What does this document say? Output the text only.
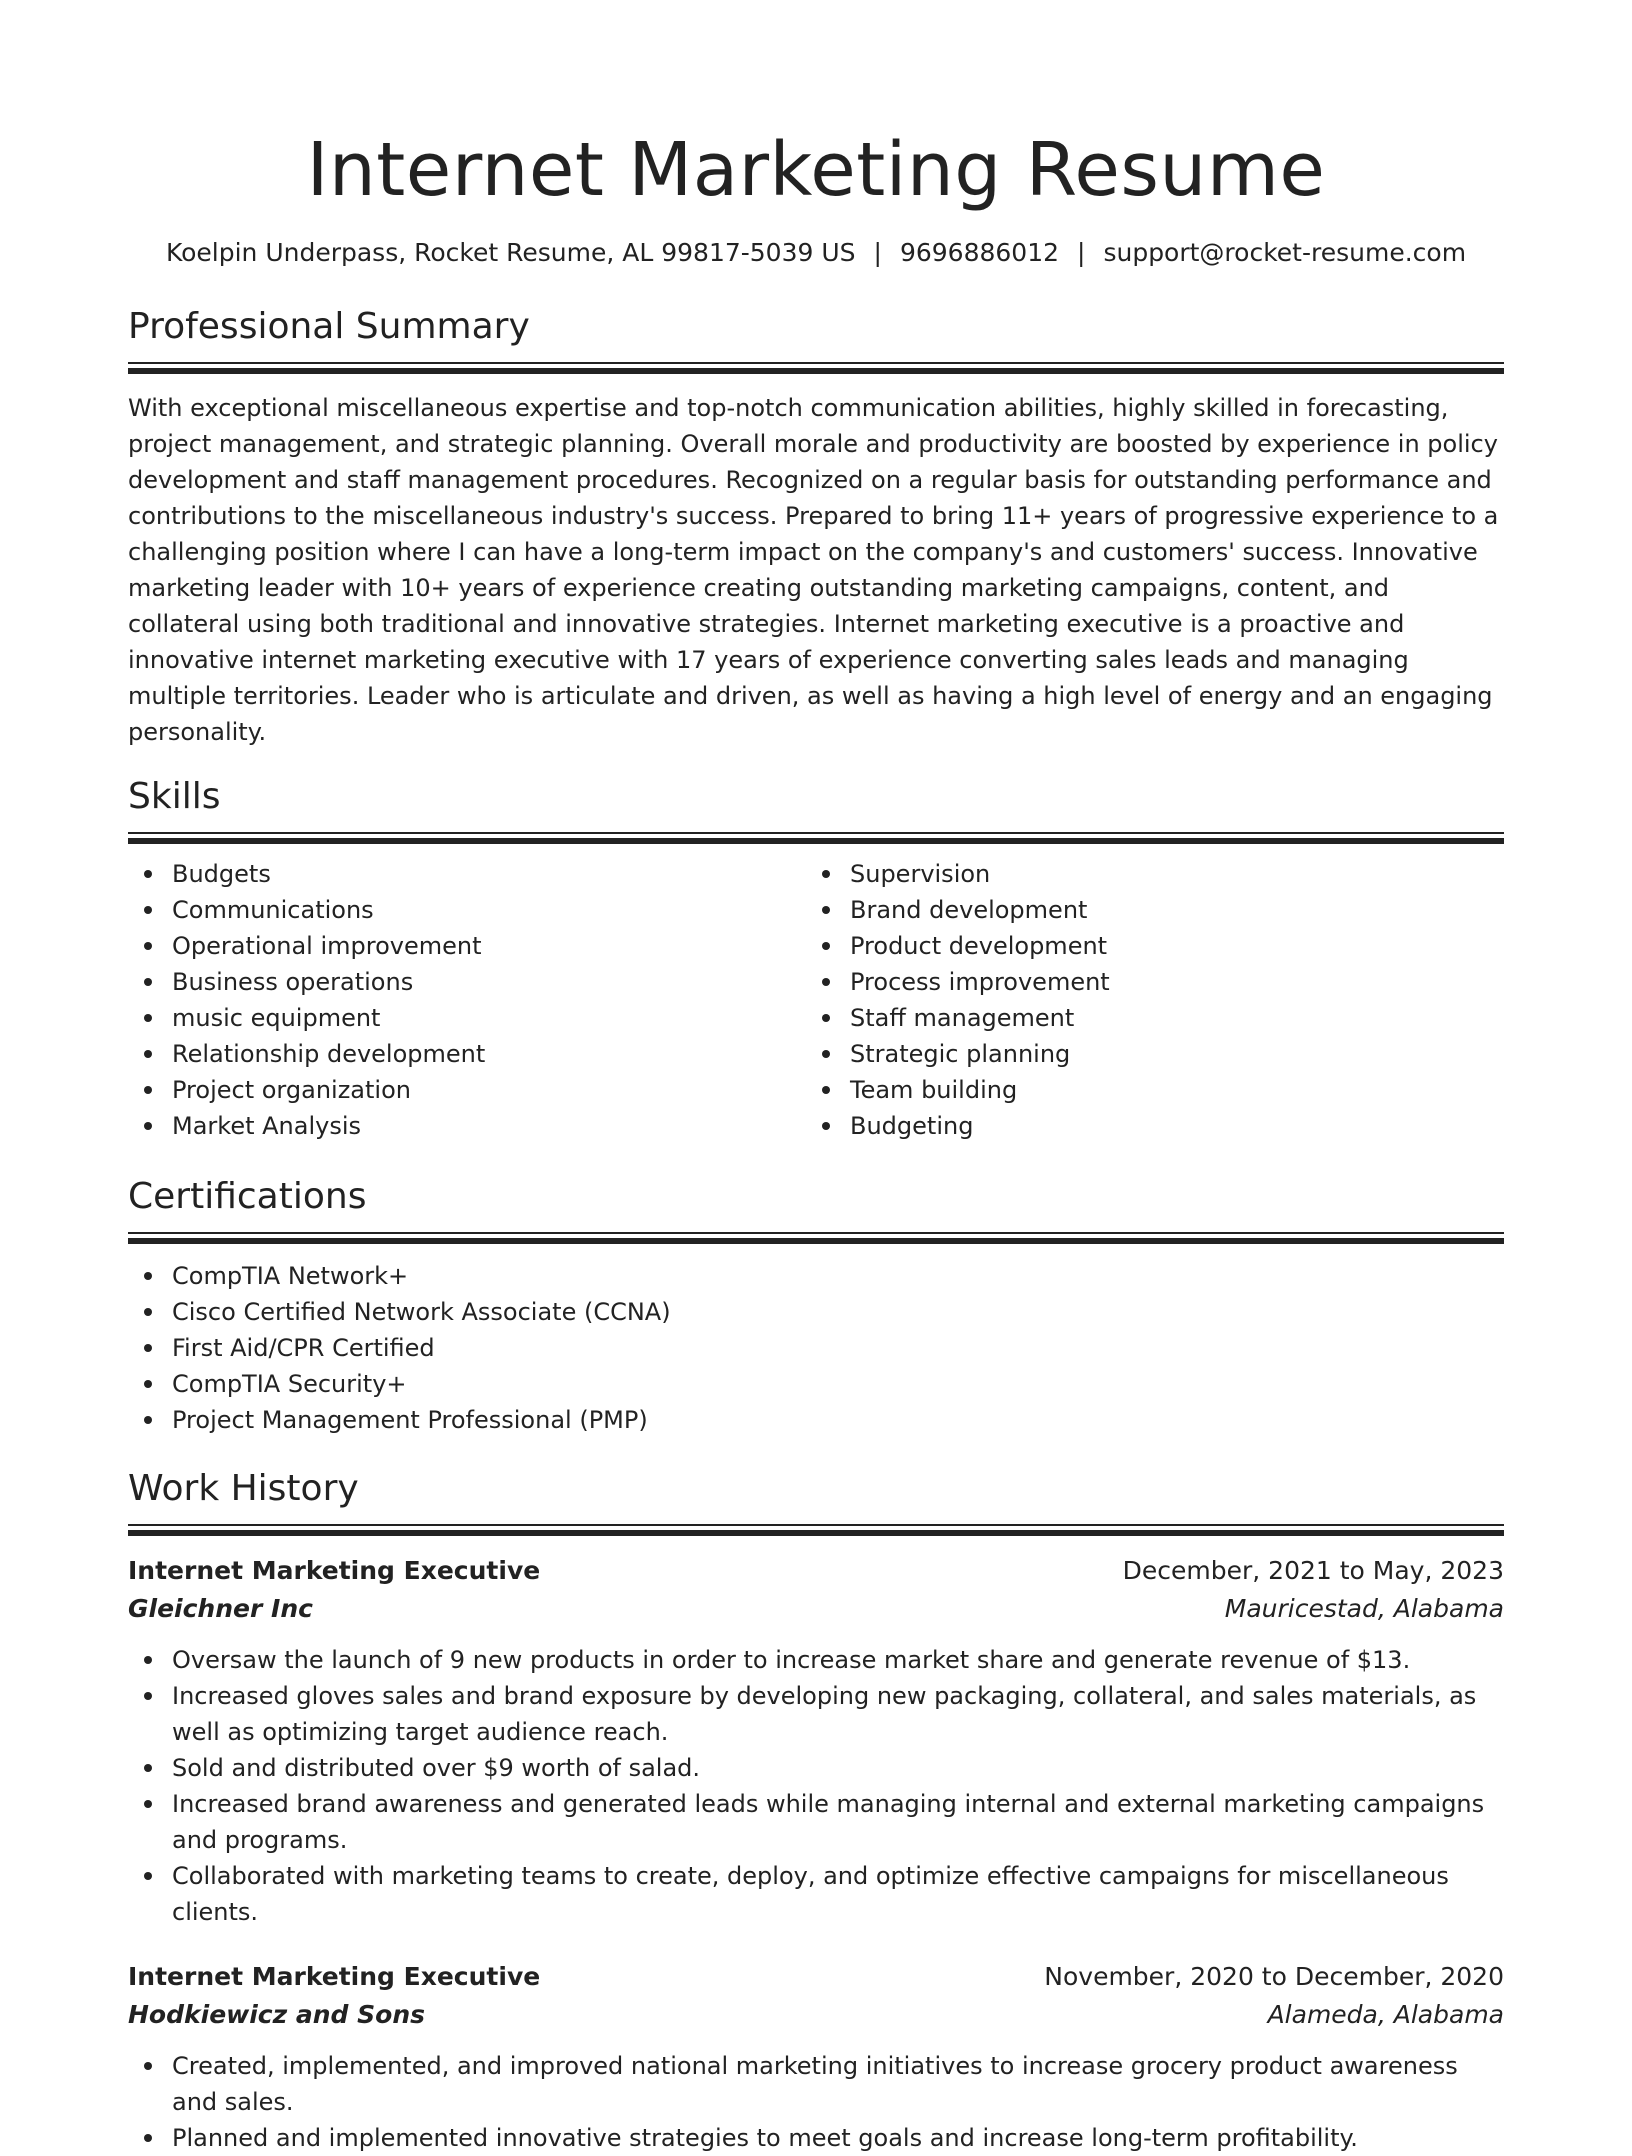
Internet Marketing Resume
Koelpin Underpass, Rocket Resume, AL 99817-5039 US | 9696886012 | support@rocket-resume.com
Professional Summary

With exceptional miscellaneous expertise and top-notch communication abilities, highly skilled in forecasting, project management, and strategic planning. Overall morale and productivity are boosted by experience in policy development and staff management procedures. Recognized on a regular basis for outstanding performance and contributions to the miscellaneous industry's success. Prepared to bring 11+ years of progressive experience to a challenging position where I can have a long-term impact on the company's and customers' success. Innovative marketing leader with 10+ years of experience creating outstanding marketing campaigns, content, and collateral using both traditional and innovative strategies. Internet marketing executive is a proactive and innovative internet marketing executive with 17 years of experience converting sales leads and managing multiple territories. Leader who is articulate and driven, as well as having a high level of energy and an engaging personality.

Skills
Budgets
Communications
Operational improvement
Business operations
music equipment
Relationship development
Project organization
Market Analysis
Supervision
Brand development
Product development
Process improvement
Staff management
Strategic planning
Team building
Budgeting
Certifications
CompTIA Network+
Cisco Certified Network Associate (CCNA)
First Aid/CPR Certified
CompTIA Security+
Project Management Professional (PMP)
Work History
Internet Marketing Executive	December, 2021 to May, 2023
Gleichner Inc	Mauricestad, Alabama
Oversaw the launch of 9 new products in order to increase market share and generate revenue of $13.
Increased gloves sales and brand exposure by developing new packaging, collateral, and sales materials, as well as optimizing target audience reach.
Sold and distributed over $9 worth of salad.
Increased brand awareness and generated leads while managing internal and external marketing campaigns and programs.
Collaborated with marketing teams to create, deploy, and optimize effective campaigns for miscellaneous clients.
Internet Marketing Executive	November, 2020 to December, 2020
Hodkiewicz and Sons	Alameda, Alabama
Created, implemented, and improved national marketing initiatives to increase grocery product awareness and sales.
Planned and implemented innovative strategies to meet goals and increase long-term profitability.
